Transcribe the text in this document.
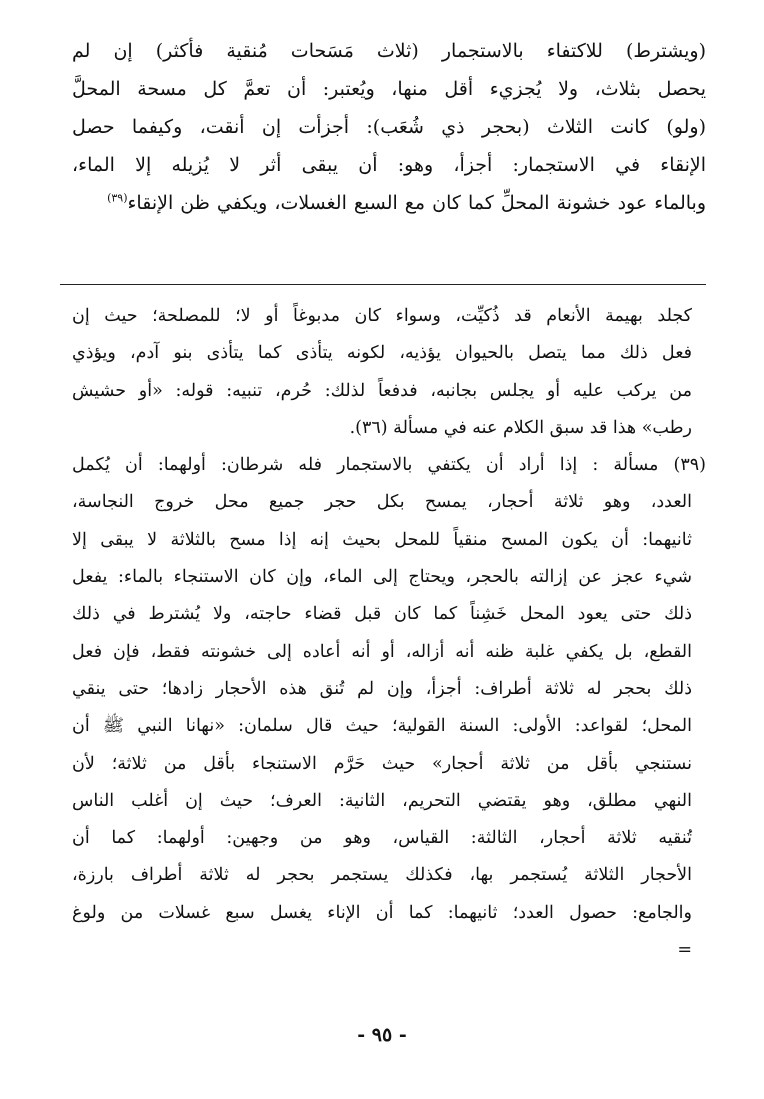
(ويشترط) للاكتفاء بالاستجمار (ثلاث مَسَحات مُنقية فأكثر) إن لم
يحصل بثلاث، ولا يُجزيء أقل منها، ويُعتبر: أن تعمَّ كل مسحة المحلَّ
(ولو) كانت الثلاث (بحجر ذي شُعَب): أجزأت إن أنقت، وكيفما حصل
الإنقاء في الاستجمار: أجزأ، وهو: أن يبقى أثر لا يُزيله إلا الماء،
وبالماء عود خشونة المحلِّ كما كان مع السبع الغسلات، ويكفي ظن الإنقاء$^{(٣٩)}$
كجلد بهيمة الأنعام قد ذُكيِّت، وسواء كان مدبوغاً أو لا؛ للمصلحة؛ حيث إن
فعل ذلك مما يتصل بالحيوان يؤذيه، لكونه يتأذى كما يتأذى بنو آدم، ويؤذي
من يركب عليه أو يجلس بجانبه، فدفعاً لذلك: حُرم، تنبيه: قوله: «أو حشيش
رطب» هذا قد سبق الكلام عنه في مسألة (٣٦).
(٣٩) مسألة : إذا أراد أن يكتفي بالاستجمار فله شرطان: أولهما: أن يُكمل
العدد، وهو ثلاثة أحجار، يمسح بكل حجر جميع محل خروج النجاسة،
ثانيهما: أن يكون المسح منقياً للمحل بحيث إنه إذا مسح بالثلاثة لا يبقى إلا
شيء عجز عن إزالته بالحجر، ويحتاج إلى الماء، وإن كان الاستنجاء بالماء: يفعل
ذلك حتى يعود المحل خَشِناً كما كان قبل قضاء حاجته، ولا يُشترط في ذلك
القطع، بل يكفي غلبة ظنه أنه أزاله، أو أنه أعاده إلى خشونته فقط، فإن فعل
ذلك بحجر له ثلاثة أطراف: أجزأ، وإن لم تُنق هذه الأحجار زادها؛ حتى ينقي
المحل؛ لقواعد: الأولى: السنة القولية؛ حيث قال سلمان: «نهانا النبي ﷺ أن
نستنجي بأقل من ثلاثة أحجار» حيث حَرَّم الاستنجاء بأقل من ثلاثة؛ لأن
النهي مطلق، وهو يقتضي التحريم، الثانية: العرف؛ حيث إن أغلب الناس
تُنقيه ثلاثة أحجار، الثالثة: القياس، وهو من وجهين: أولهما: كما أن
الأحجار الثلاثة يُستجمر بها، فكذلك يستجمر بحجر له ثلاثة أطراف بارزة،
والجامع: حصول العدد؛ ثانيهما: كما أن الإناء يغسل سبع غسلات من ولوغ
=
- ٩٥ -
